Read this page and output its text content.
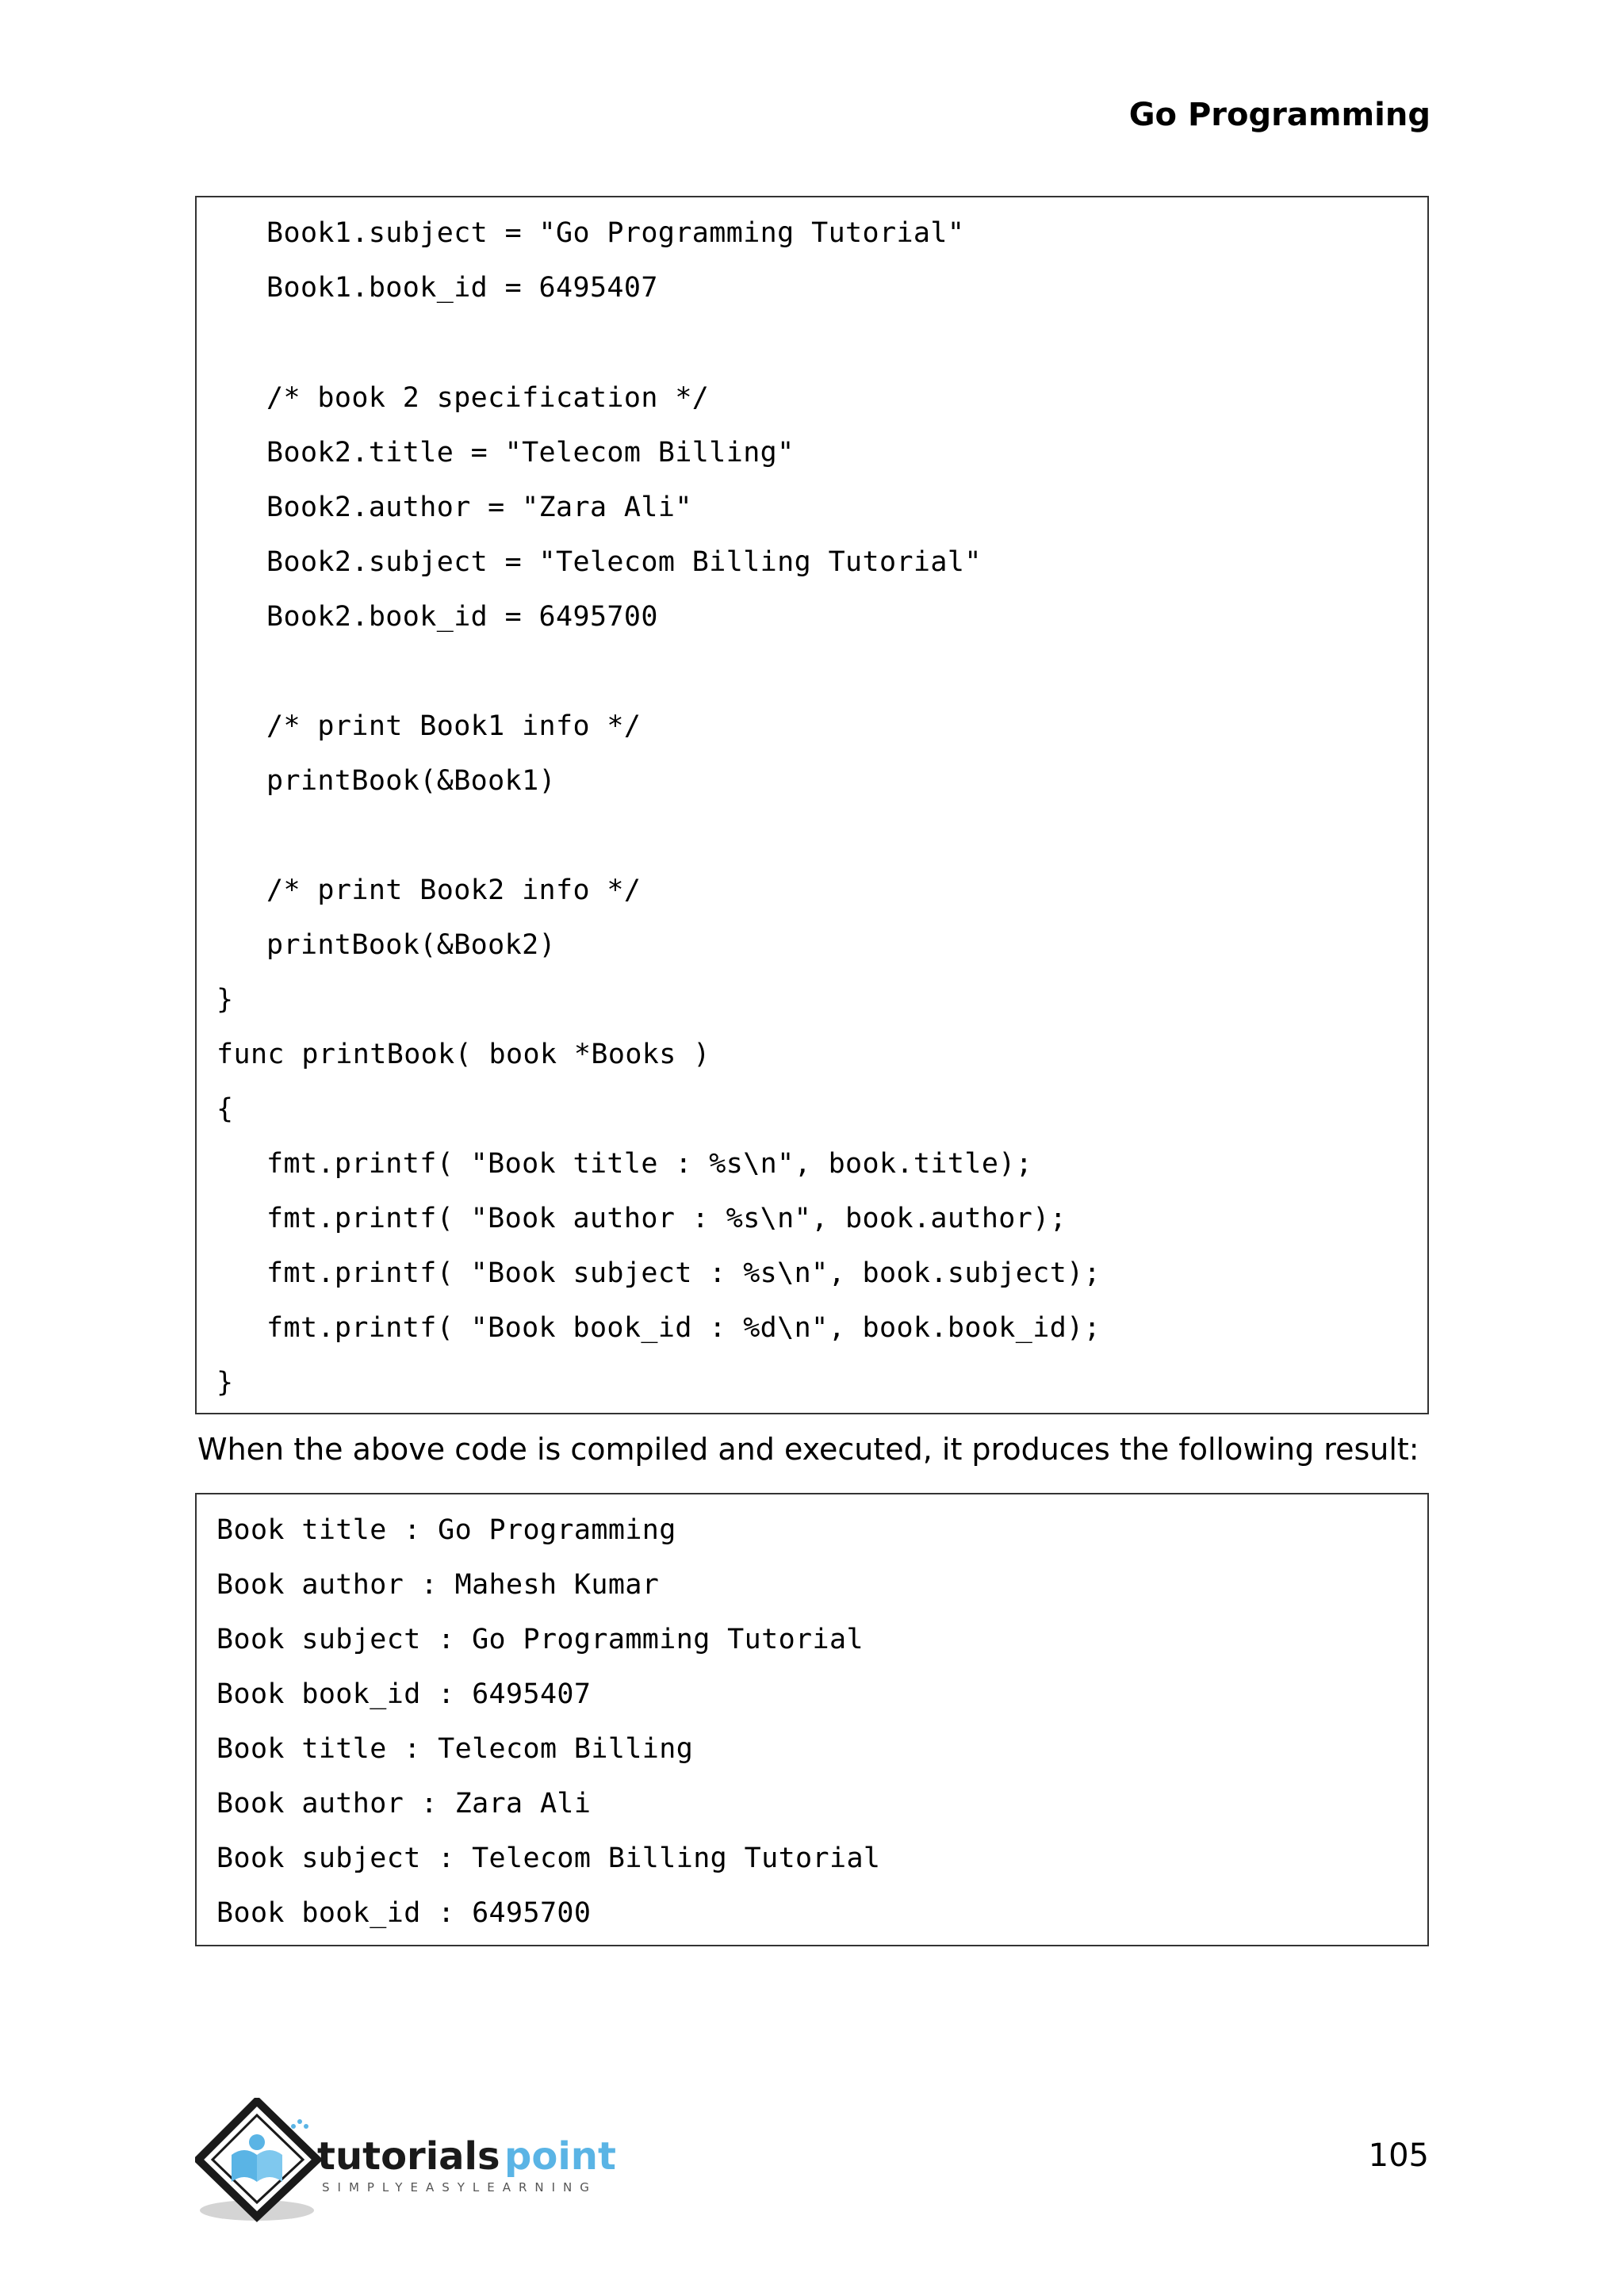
Go Programming
Book1.subject = "Go Programming Tutorial"
Book1.book_id = 6495407
/* book 2 specification */
Book2.title = "Telecom Billing"
Book2.author = "Zara Ali"
Book2.subject = "Telecom Billing Tutorial"
Book2.book_id = 6495700
/* print Book1 info */
printBook(&Book1)
/* print Book2 info */
printBook(&Book2)
}
func printBook( book *Books )
{
fmt.printf( "Book title : %s\n", book.title);
fmt.printf( "Book author : %s\n", book.author);
fmt.printf( "Book subject : %s\n", book.subject);
fmt.printf( "Book book_id : %d\n", book.book_id);
}
When the above code is compiled and executed, it produces the following result:
Book title : Go Programming
Book author : Mahesh Kumar
Book subject : Go Programming Tutorial
Book book_id : 6495407
Book title : Telecom Billing
Book author : Zara Ali
Book subject : Telecom Billing Tutorial
Book book_id : 6495700
tutorials point
SIMPLYEASYLEARNING
105
